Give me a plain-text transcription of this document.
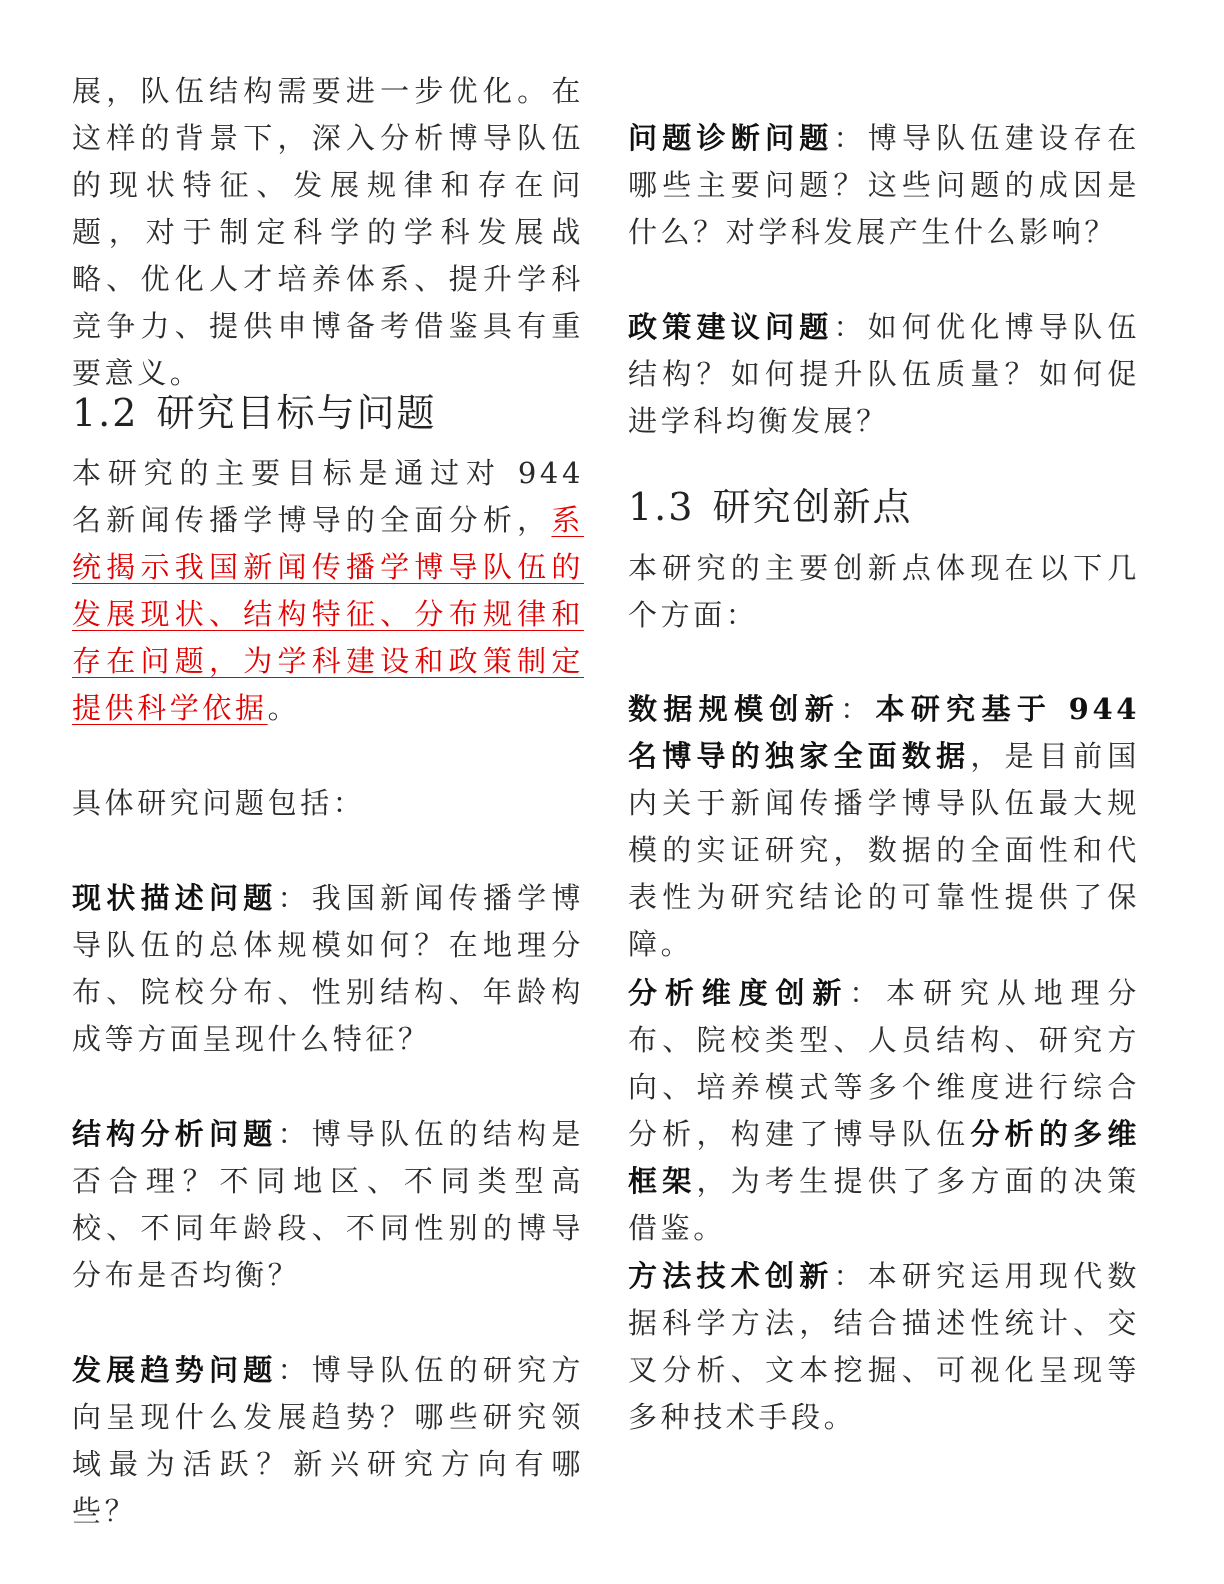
展，队伍结构需要进一步优化。在这样的背景下，深入分析博导队伍的现状特征、发展规律和存在问题，对于制定科学的学科发展战略、优化人才培养体系、提升学科竞争力、提供申博备考借鉴具有重要意义。

1.2 研究目标与问题

本研究的主要目标是通过对 944 名新闻传播学博导的全面分析，系统揭示我国新闻传播学博导队伍的发展现状、结构特征、分布规律和存在问题，为学科建设和政策制定提供科学依据。

具体研究问题包括：

现状描述问题：我国新闻传播学博导队伍的总体规模如何？在地理分布、院校分布、性别结构、年龄构成等方面呈现什么特征？

结构分析问题：博导队伍的结构是否合理？不同地区、不同类型高校、不同年龄段、不同性别的博导分布是否均衡？

发展趋势问题：博导队伍的研究方向呈现什么发展趋势？哪些研究领域最为活跃？新兴研究方向有哪些？

问题诊断问题：博导队伍建设存在哪些主要问题？这些问题的成因是什么？对学科发展产生什么影响？

政策建议问题：如何优化博导队伍结构？如何提升队伍质量？如何促进学科均衡发展？

1.3 研究创新点

本研究的主要创新点体现在以下几个方面：

数据规模创新：本研究基于 944 名博导的独家全面数据，是目前国内关于新闻传播学博导队伍最大规模的实证研究，数据的全面性和代表性为研究结论的可靠性提供了保障。

分析维度创新：本研究从地理分布、院校类型、人员结构、研究方向、培养模式等多个维度进行综合分析，构建了博导队伍分析的多维框架，为考生提供了多方面的决策借鉴。

方法技术创新：本研究运用现代数据科学方法，结合描述性统计、交叉分析、文本挖掘、可视化呈现等多种技术手段。
